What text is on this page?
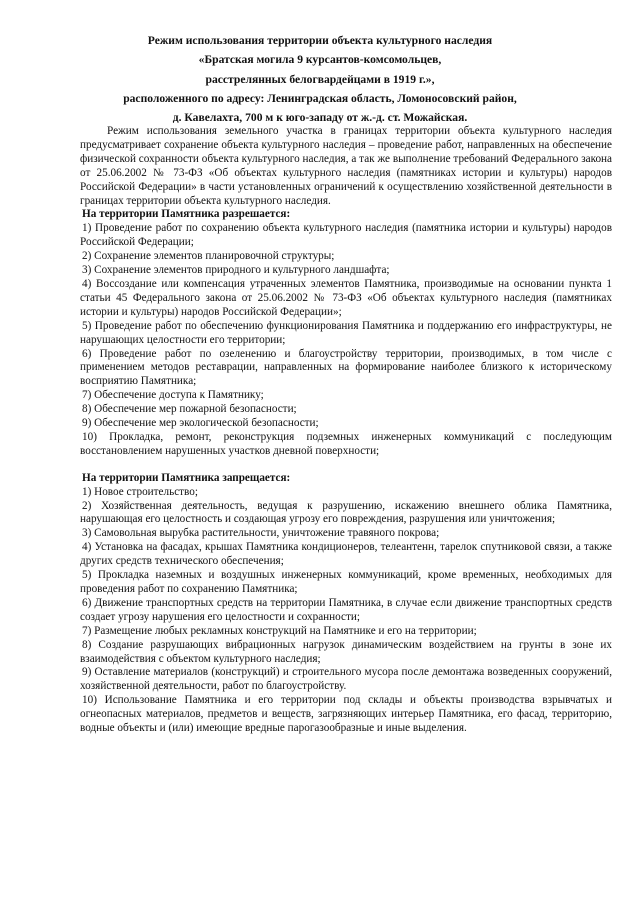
Режим использования территории объекта культурного наследия
«Братская могила 9 курсантов-комсомольцев,
расстрелянных белогвардейцами в 1919 г.»,
расположенного по адресу: Ленинградская область, Ломоносовский район,
д. Кавелахта, 700 м к юго-западу от ж.-д. ст. Можайская.

Режим использования земельного участка в границах территории объекта культурного наследия предусматривает сохранение объекта культурного наследия – проведение работ, направленных на обеспечение физической сохранности объекта культурного наследия, а так же выполнение требований Федерального закона от 25.06.2002 № 73-ФЗ «Об объектах культурного наследия (памятниках истории и культуры) народов Российской Федерации» в части установленных ограничений к осуществлению хозяйственной деятельности в границах территории объекта культурного наследия.

На территории Памятника разрешается:

1) Проведение работ по сохранению объекта культурного наследия (памятника истории и культуры) народов Российской Федерации;

2) Сохранение элементов планировочной структуры;

3) Сохранение элементов природного и культурного ландшафта;

4) Воссоздание или компенсация утраченных элементов Памятника, производимые на основании пункта 1 статьи 45 Федерального закона от 25.06.2002 № 73-ФЗ «Об объектах культурного наследия (памятниках истории и культуры) народов Российской Федерации»;

5) Проведение работ по обеспечению функционирования Памятника и поддержанию его инфраструктуры, не нарушающих целостности его территории;

6) Проведение работ по озеленению и благоустройству территории, производимых, в том числе с применением методов реставрации, направленных на формирование наиболее близкого к историческому восприятию Памятника;

7) Обеспечение доступа к Памятнику;

8) Обеспечение мер пожарной безопасности;

9) Обеспечение мер экологической безопасности;

10) Прокладка, ремонт, реконструкция подземных инженерных коммуникаций с последующим восстановлением нарушенных участков дневной поверхности;

На территории Памятника запрещается:

1) Новое строительство;

2) Хозяйственная деятельность, ведущая к разрушению, искажению внешнего облика Памятника, нарушающая его целостность и создающая угрозу его повреждения, разрушения или уничтожения;

3) Самовольная вырубка растительности, уничтожение травяного покрова;

4) Установка на фасадах, крышах Памятника кондиционеров, телеантенн, тарелок спутниковой связи, а также других средств технического обеспечения;

5) Прокладка наземных и воздушных инженерных коммуникаций, кроме временных, необходимых для проведения работ по сохранению Памятника;

6) Движение транспортных средств на территории Памятника, в случае если движение транспортных средств создает угрозу нарушения его целостности и сохранности;

7) Размещение любых рекламных конструкций на Памятнике и его на территории;

8) Создание разрушающих вибрационных нагрузок динамическим воздействием на грунты в зоне их взаимодействия с объектом культурного наследия;

9) Оставление материалов (конструкций) и строительного мусора после демонтажа возведенных сооружений, хозяйственной деятельности, работ по благоустройству.

10) Использование Памятника и его территории под склады и объекты производства взрывчатых и огнеопасных материалов, предметов и веществ, загрязняющих интерьер Памятника, его фасад, территорию, водные объекты и (или) имеющие вредные парогазообразные и иные выделения.
